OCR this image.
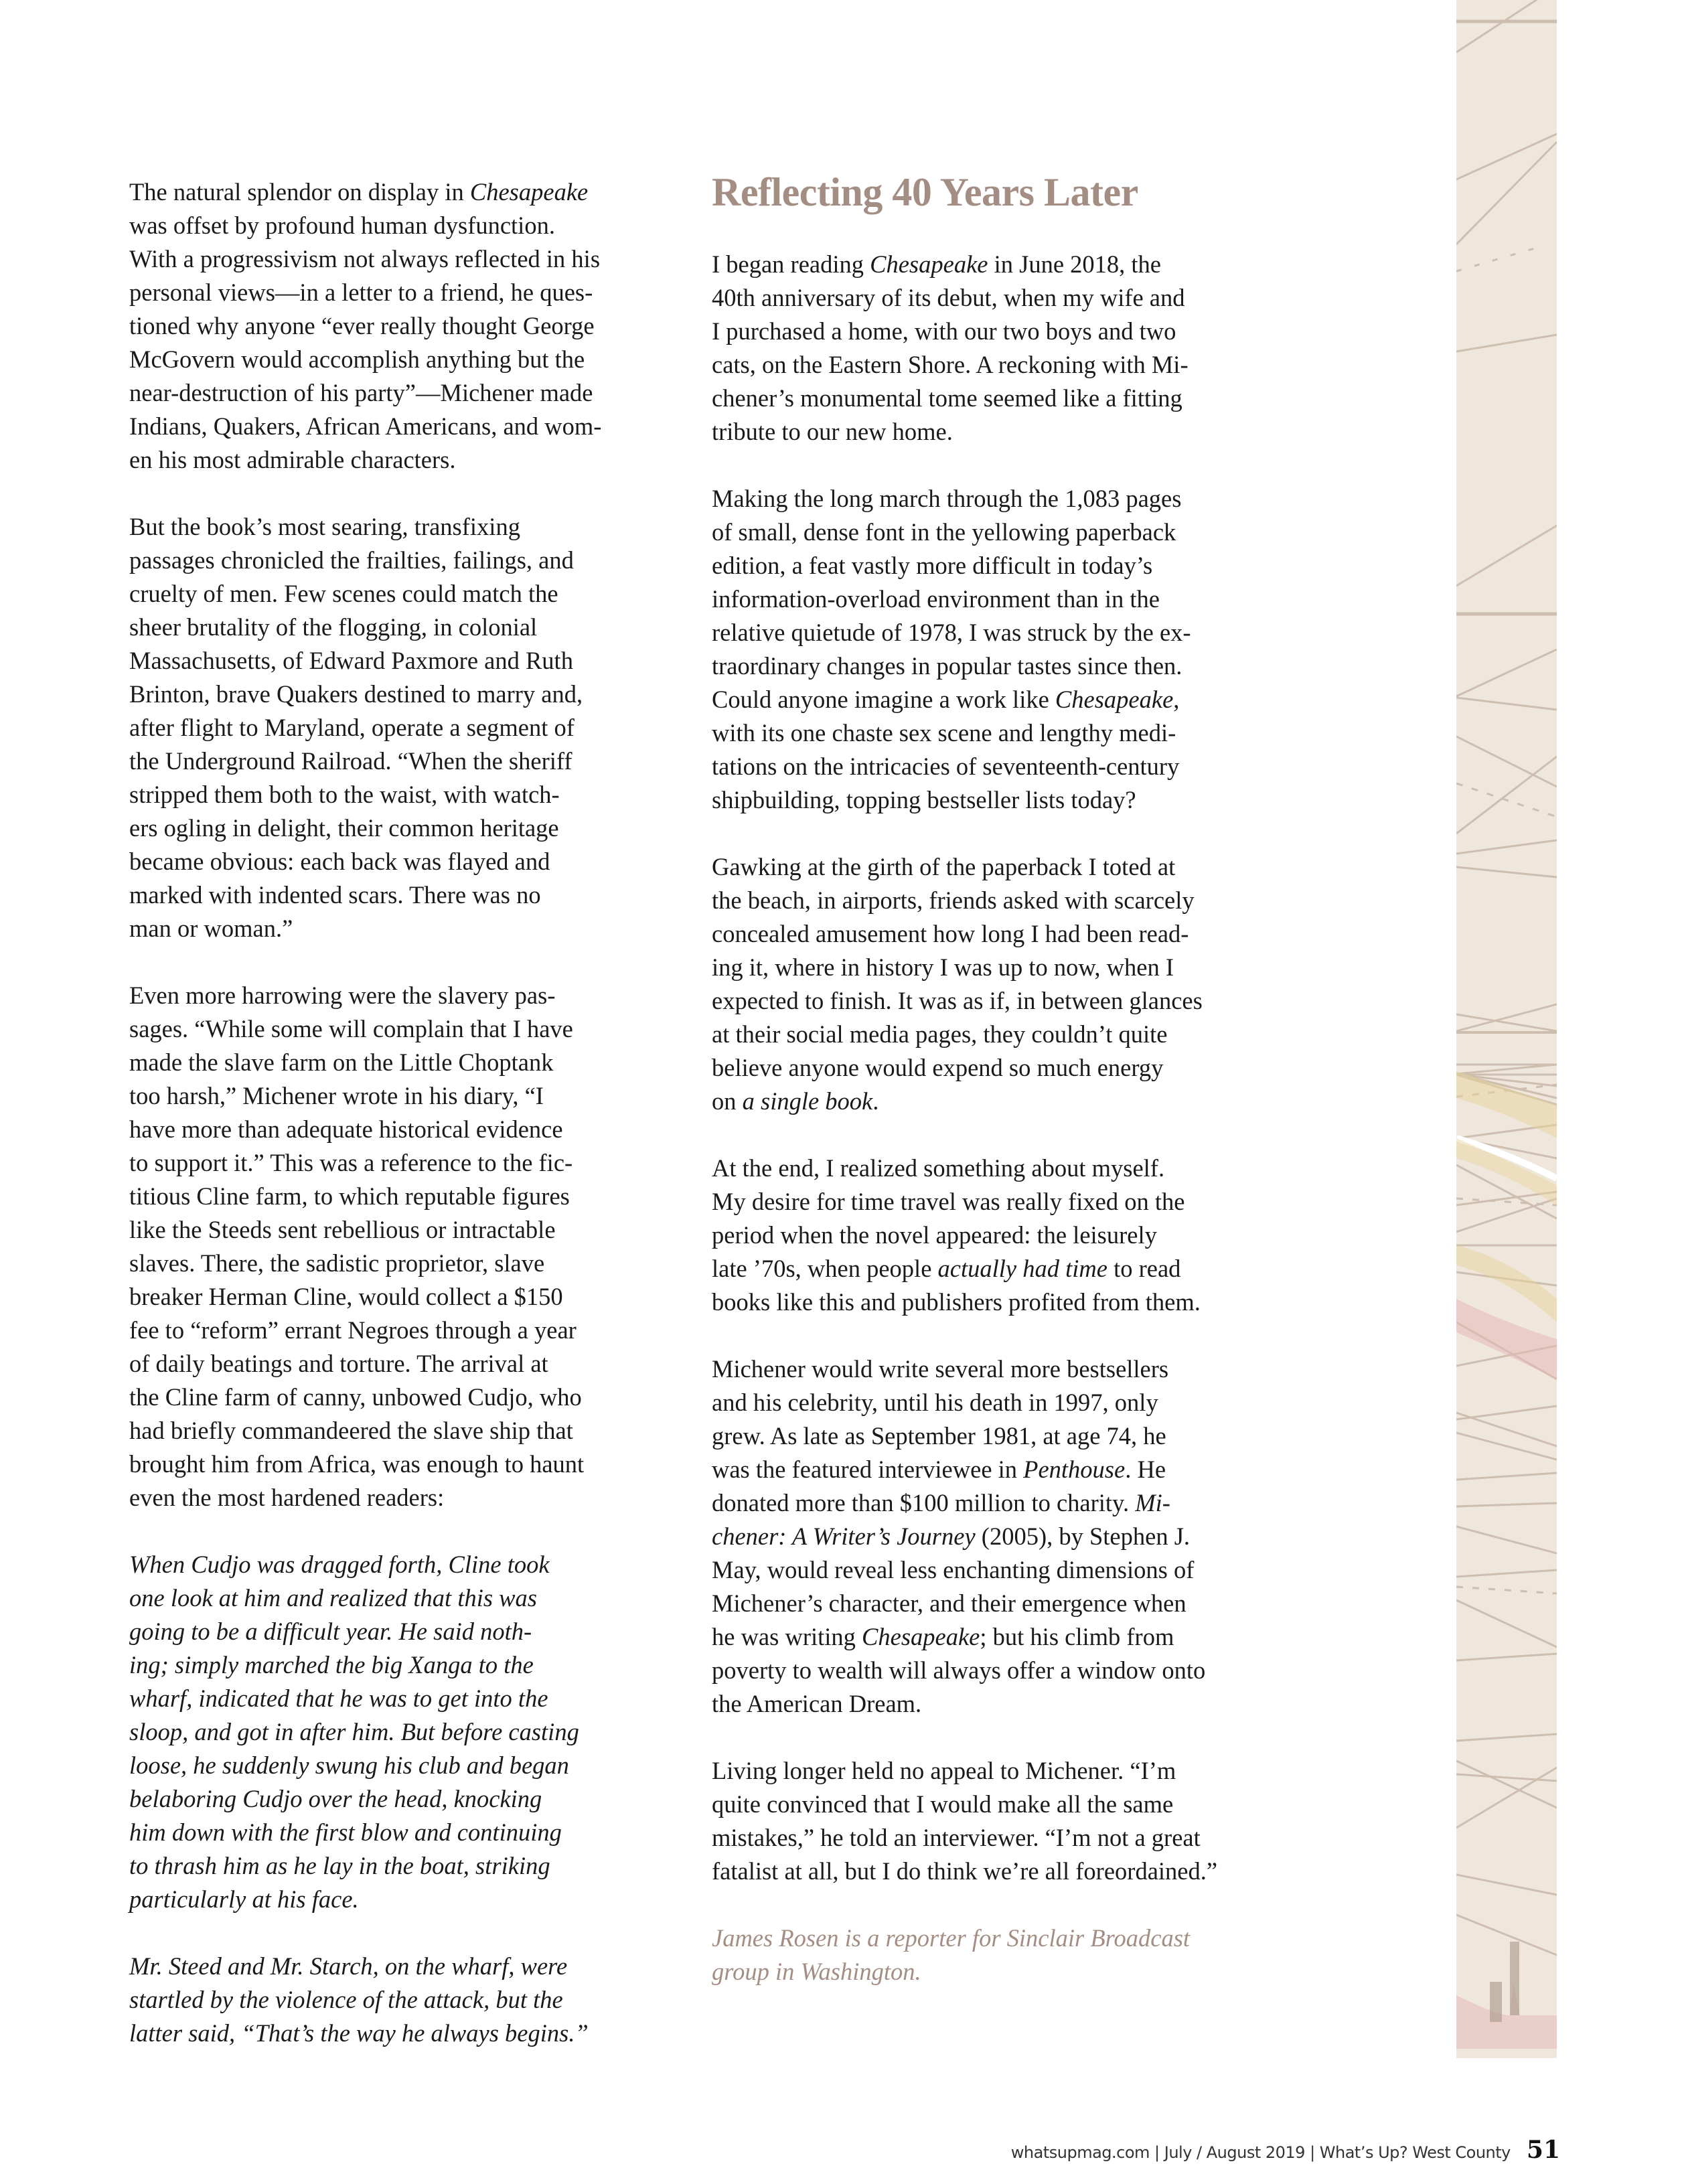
The natural splendor on display in Chesapeake
was offset by profound human dysfunction.
With a progressivism not always reflected in his
personal views—in a letter to a friend, he ques-
tioned why anyone “ever really thought George
McGovern would accomplish anything but the
near-destruction of his party”—Michener made
Indians, Quakers, African Americans, and wom-
en his most admirable characters.
But the book’s most searing, transfixing
passages chronicled the frailties, failings, and
cruelty of men. Few scenes could match the
sheer brutality of the flogging, in colonial
Massachusetts, of Edward Paxmore and Ruth
Brinton, brave Quakers destined to marry and,
after flight to Maryland, operate a segment of
the Underground Railroad. “When the sheriff
stripped them both to the waist, with watch-
ers ogling in delight, their common heritage
became obvious: each back was flayed and
marked with indented scars. There was no
man or woman.”
Even more harrowing were the slavery pas-
sages. “While some will complain that I have
made the slave farm on the Little Choptank
too harsh,” Michener wrote in his diary, “I
have more than adequate historical evidence
to support it.” This was a reference to the fic-
titious Cline farm, to which reputable figures
like the Steeds sent rebellious or intractable
slaves. There, the sadistic proprietor, slave
breaker Herman Cline, would collect a $150
fee to “reform” errant Negroes through a year
of daily beatings and torture. The arrival at
the Cline farm of canny, unbowed Cudjo, who
had briefly commandeered the slave ship that
brought him from Africa, was enough to haunt
even the most hardened readers:
When Cudjo was dragged forth, Cline took
one look at him and realized that this was
going to be a difficult year. He said noth-
ing; simply marched the big Xanga to the
wharf, indicated that he was to get into the
sloop, and got in after him. But before casting
loose, he suddenly swung his club and began
belaboring Cudjo over the head, knocking
him down with the first blow and continuing
to thrash him as he lay in the boat, striking
particularly at his face.
Mr. Steed and Mr. Starch, on the wharf, were
startled by the violence of the attack, but the
latter said, “That’s the way he always begins.”
Reflecting 40 Years Later
I began reading Chesapeake in June 2018, the
40th anniversary of its debut, when my wife and
I purchased a home, with our two boys and two
cats, on the Eastern Shore. A reckoning with Mi-
chener’s monumental tome seemed like a fitting
tribute to our new home.
Making the long march through the 1,083 pages
of small, dense font in the yellowing paperback
edition, a feat vastly more difficult in today’s
information-overload environment than in the
relative quietude of 1978, I was struck by the ex-
traordinary changes in popular tastes since then.
Could anyone imagine a work like Chesapeake,
with its one chaste sex scene and lengthy medi-
tations on the intricacies of seventeenth-century
shipbuilding, topping bestseller lists today?
Gawking at the girth of the paperback I toted at
the beach, in airports, friends asked with scarcely
concealed amusement how long I had been read-
ing it, where in history I was up to now, when I
expected to finish. It was as if, in between glances
at their social media pages, they couldn’t quite
believe anyone would expend so much energy
on a single book.
At the end, I realized something about myself.
My desire for time travel was really fixed on the
period when the novel appeared: the leisurely
late ’70s, when people actually had time to read
books like this and publishers profited from them.
Michener would write several more bestsellers
and his celebrity, until his death in 1997, only
grew. As late as September 1981, at age 74, he
was the featured interviewee in Penthouse. He
donated more than $100 million to charity. Mi-
chener: A Writer’s Journey (2005), by Stephen J.
May, would reveal less enchanting dimensions of
Michener’s character, and their emergence when
he was writing Chesapeake; but his climb from
poverty to wealth will always offer a window onto
the American Dream.
Living longer held no appeal to Michener. “I’m
quite convinced that I would make all the same
mistakes,” he told an interviewer. “I’m not a great
fatalist at all, but I do think we’re all foreordained.”
James Rosen is a reporter for Sinclair Broadcast
group in Washington.
whatsupmag.com | July / August 2019 | What’s Up? West County 51
